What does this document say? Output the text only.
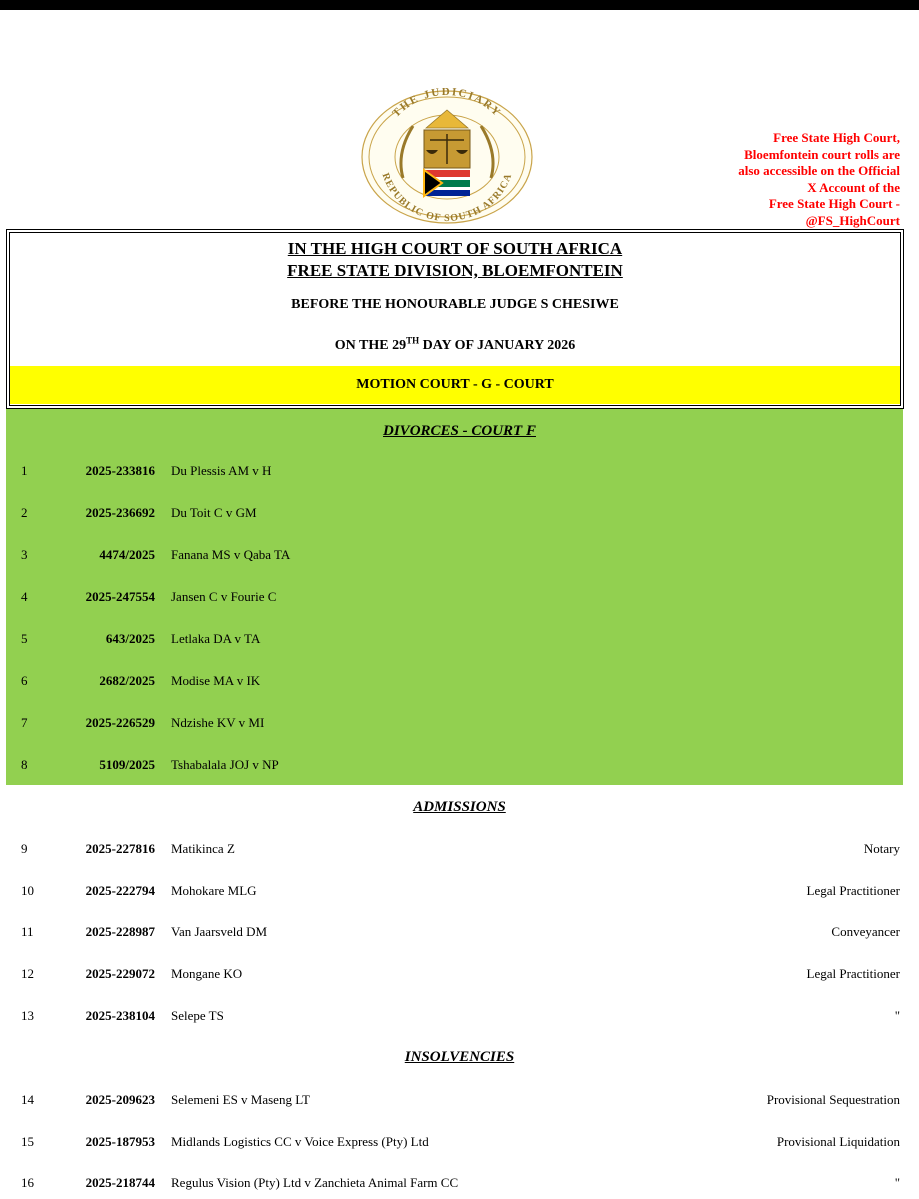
THE JUDICIARY
REPUBLIC OF SOUTH AFRICA
Free State High Court,
Bloemfontein court rolls are
also accessible on the Official
X Account of the
Free State High Court -
@FS_HighCourt
IN THE HIGH COURT OF SOUTH AFRICA
FREE STATE DIVISION, BLOEMFONTEIN
BEFORE THE HONOURABLE JUDGE S CHESIWE
ON THE 29TH DAY OF JANUARY 2026
MOTION COURT - G - COURT
DIVORCES - COURT F
1	2025-233816 Du Plessis AM v H
2	2025-236692 Du Toit C v GM
3	4474/2025 Fanana MS v Qaba TA
4	2025-247554 Jansen C v Fourie C
5	643/2025 Letlaka DA v TA
6	2682/2025 Modise MA v IK
7	2025-226529 Ndzishe KV v MI
8	5109/2025 Tshabalala JOJ v NP
ADMISSIONS
9	2025-227816 Matikinca Z	Notary
10	2025-222794 Mohokare MLG	Legal Practitioner
11	2025-228987 Van Jaarsveld DM	Conveyancer
12	2025-229072 Mongane KO	Legal Practitioner
13	2025-238104 Selepe TS	"
INSOLVENCIES
14	2025-209623 Selemeni ES v Maseng LT	Provisional Sequestration
15	2025-187953 Midlands Logistics CC v Voice Express (Pty) Ltd	Provisional Liquidation
16	2025-218744 Regulus Vision (Pty) Ltd v Zanchieta Animal Farm CC	"
